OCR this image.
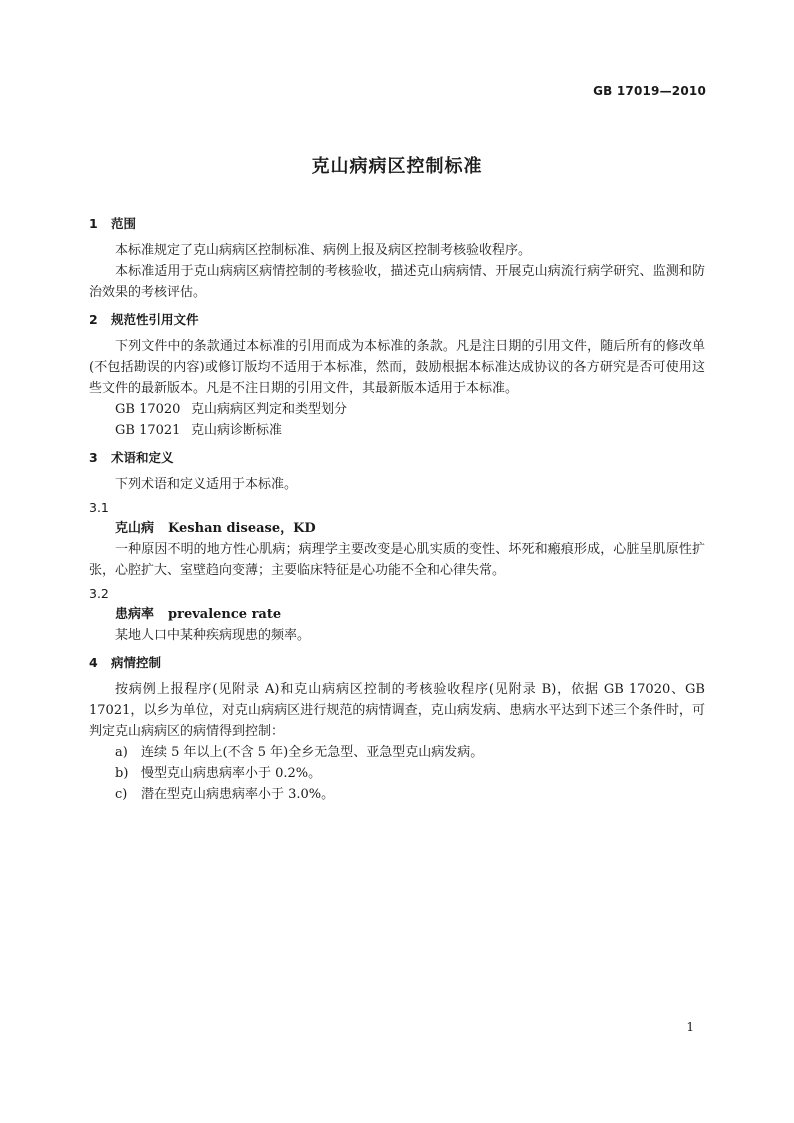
GB 17019—2010
克山病病区控制标准
1 范围
本标准规定了克山病病区控制标准、病例上报及病区控制考核验收程序。
本标准适用于克山病病区病情控制的考核验收，描述克山病病情、开展克山病流行病学研究、监测和防治效果的考核评估。
2 规范性引用文件
下列文件中的条款通过本标准的引用而成为本标准的条款。凡是注日期的引用文件，随后所有的修改单(不包括勘误的内容)或修订版均不适用于本标准，然而，鼓励根据本标准达成协议的各方研究是否可使用这些文件的最新版本。凡是不注日期的引用文件，其最新版本适用于本标准。
GB 17020 克山病病区判定和类型划分
GB 17021 克山病诊断标准
3 术语和定义
下列术语和定义适用于本标准。
3.1
克山病 Keshan disease，KD
一种原因不明的地方性心肌病；病理学主要改变是心肌实质的变性、坏死和瘢痕形成，心脏呈肌原性扩张，心腔扩大、室壁趋向变薄；主要临床特征是心功能不全和心律失常。
3.2
患病率 prevalence rate
某地人口中某种疾病现患的频率。
4 病情控制
按病例上报程序(见附录 A)和克山病病区控制的考核验收程序(见附录 B)，依据 GB 17020、GB 17021，以乡为单位，对克山病病区进行规范的病情调查，克山病发病、患病水平达到下述三个条件时，可判定克山病病区的病情得到控制：
a) 连续 5 年以上(不含 5 年)全乡无急型、亚急型克山病发病。
b) 慢型克山病患病率小于 0.2%。
c) 潜在型克山病患病率小于 3.0%。
1
